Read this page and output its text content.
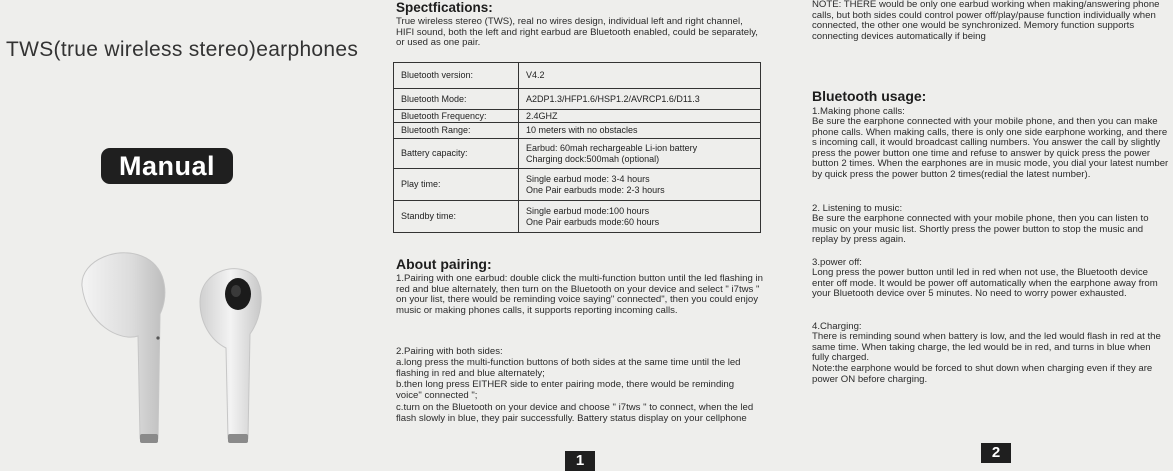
TWS(true wireless stereo)earphones
Manual
Spectfications:

True wireless stereo (TWS), real no wires design, individual left and right channel, HIFI sound, both the left and right earbud are Bluetooth enabled, could be separately, or used as one pair.

Bluetooth version:	V4.2
Bluetooth Mode:	A2DP1.3/HFP1.6/HSP1.2/AVRCP1.6/D11.3
Bluetooth Frequency:	2.4GHZ
Bluetooth Range:	10 meters with no obstacles
Battery capacity:	Earbud: 60mah rechargeable Li-ion battery
Charging dock:500mah (optional)

Play time:	Single earbud mode: 3-4 hours
One Pair earbuds mode: 2-3 hours

Standby time:	Single earbud mode:100 hours
One Pair earbuds mode:60 hours
About pairing:

1.Pairing with one earbud: double click the multi-function button until the led flashing in red and blue alternately, then turn on the Bluetooth on your device and select " i7tws " on your list, there would be reminding voice saying" connected", then you could enjoy music or making phones calls, it supports reporting incoming calls.

2.Pairing with both sides:

a.long press the multi-function buttons of both sides at the same time until the led flashing in red and blue alternately;

b.then long press EITHER side to enter pairing mode, there would be reminding voice" connected ";

c.turn on the Bluetooth on your device and choose " i7tws " to connect, when the led flash slowly in blue, they pair successfully. Battery status display on your cellphone

1

NOTE: THERE would be only one earbud working when making/answering phone calls, but both sides could control power off/play/pause function individually when connected, the other one would be synchronized. Memory function supports connecting devices automatically if being

Bluetooth usage:

1.Making phone calls:

Be sure the earphone connected with your mobile phone, and then you can make phone calls. When making calls, there is only one side earphone working, and there s incoming call, it would broadcast calling numbers. You answer the call by slightly press the power button one time and refuse to answer by quick press the power button 2 times. When the earphones are in music mode, you dial your latest number by quick press the power button 2 times(redial the latest number).

2. Listening to music:

Be sure the earphone connected with your mobile phone, then you can listen to music on your music list. Shortly press the power button to stop the music and replay by press again.

3.power off:

Long press the power button until led in red when not use, the Bluetooth device enter off mode. It would be power off automatically when the earphone away from your Bluetooth device over 5 minutes. No need to worry power exhausted.

4.Charging:

There is reminding sound when battery is low, and the led would flash in red at the same time. When taking charge, the led would be in red, and turns in blue when fully charged.

Note:the earphone would be forced to shut down when charging even if they are power ON before charging.

2
